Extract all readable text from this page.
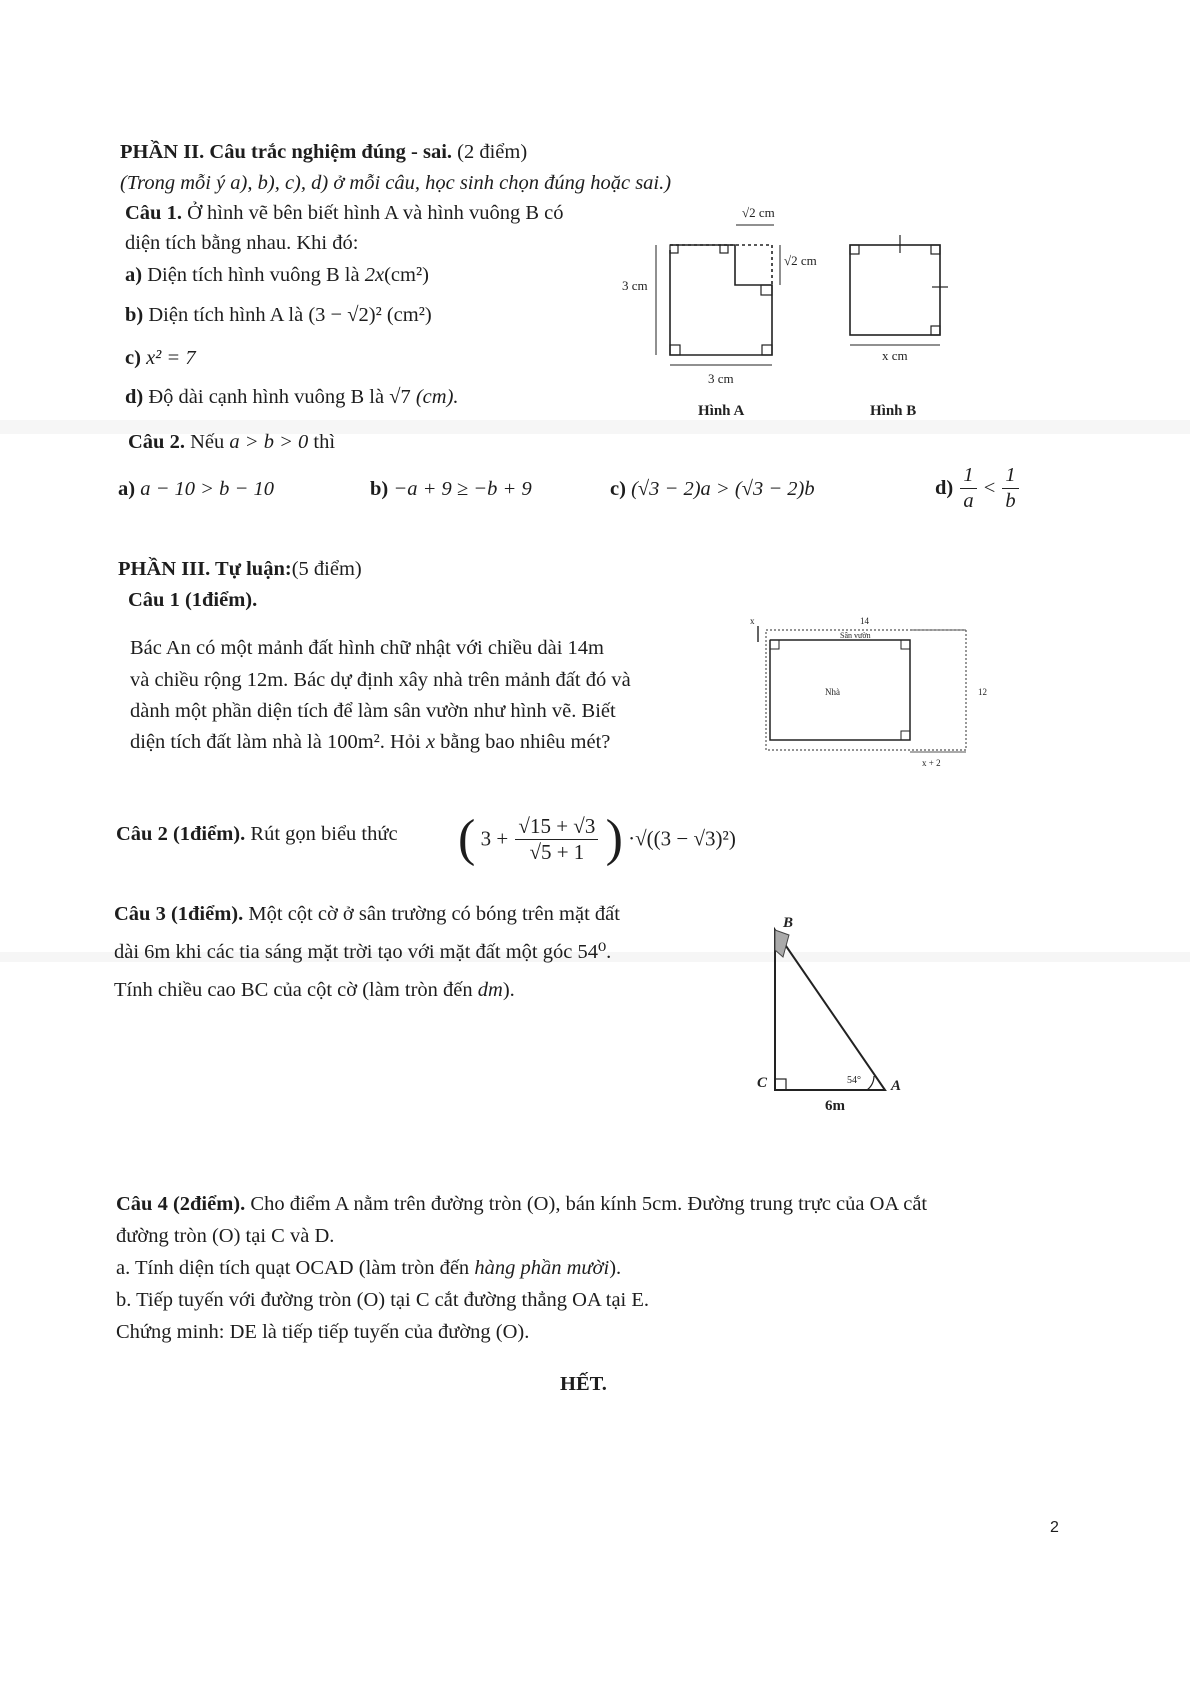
PHẦN II. Câu trắc nghiệm đúng - sai. (2 điểm)
(Trong mỗi ý a), b), c), d) ở mỗi câu, học sinh chọn đúng hoặc sai.)
Câu 1. Ở hình vẽ bên biết hình A và hình vuông B có
diện tích bằng nhau. Khi đó:
a) Diện tích hình vuông B là 2x(cm²)
b) Diện tích hình A là (3 − √2)² (cm²)
c) x² = 7
d) Độ dài cạnh hình vuông B là √7 (cm).
√2 cm
√2 cm
3 cm
3 cm
Hình A
x cm
Hình B
Câu 2. Nếu a > b > 0 thì
a) a − 10 > b − 10	b) −a + 9 ≥ −b + 9	c) (√3 − 2)a > (√3 − 2)b	$d) \frac{1}{a} < \frac{1}{b}$
PHẦN III. Tự luận:(5 điểm)
Câu 1 (1điểm).
Bác An có một mảnh đất hình chữ nhật với chiều dài 14m
và chiều rộng 12m. Bác dự định xây nhà trên mảnh đất đó và
dành một phần diện tích để làm sân vườn như hình vẽ. Biết
diện tích đất làm nhà là 100m². Hỏi x bằng bao nhiêu mét?
14
Sân vườn
Nhà	12
x
x + 2
Câu 2 (1điểm). Rút gọn biểu thức ( $3 + \frac{√15 + √3}{√5 + 1}$ ) ·√((3 − √3)²)
Câu 3 (1điểm). Một cột cờ ở sân trường có bóng trên mặt đất
dài 6m khi các tia sáng mặt trời tạo với mặt đất một góc 54⁰.
Tính chiều cao BC của cột cờ (làm tròn đến dm).
B
C	A
54°
6m
Câu 4 (2điểm). Cho điểm A nằm trên đường tròn (O), bán kính 5cm. Đường trung trực của OA cắt
đường tròn (O) tại C và D.
a. Tính diện tích quạt OCAD (làm tròn đến hàng phần mười).
b. Tiếp tuyến với đường tròn (O) tại C cắt đường thẳng OA tại E.
Chứng minh: DE là tiếp tiếp tuyến của đường (O).
HẾT.
2
